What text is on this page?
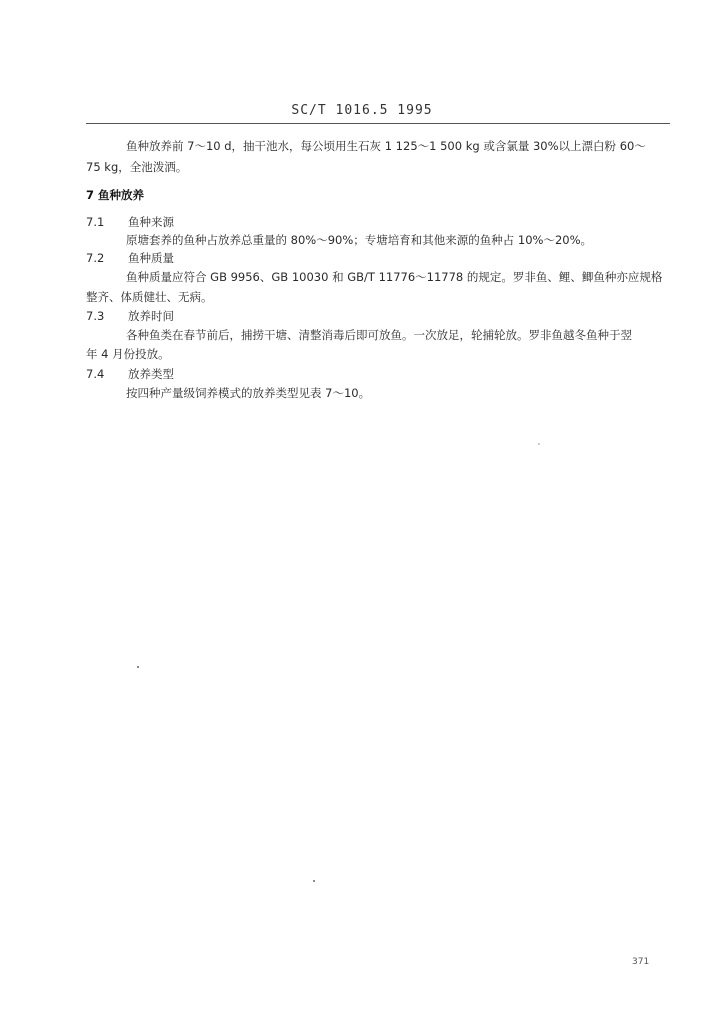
SC/T 1016.5 1995
鱼种放养前 7～10 d，抽干池水，每公顷用生石灰 1 125～1 500 kg 或含氯量 30%以上漂白粉 60～
75 kg，全池泼洒。
7 鱼种放养
7.1 鱼种来源
原塘套养的鱼种占放养总重量的 80%～90%；专塘培育和其他来源的鱼种占 10%～20%。
7.2 鱼种质量
鱼种质量应符合 GB 9956、GB 10030 和 GB/T 11776～11778 的规定。罗非鱼、鲤、鲫鱼种亦应规格
整齐、体质健壮、无病。
7.3 放养时间
各种鱼类在春节前后，捕捞干塘、清整消毒后即可放鱼。一次放足，轮捕轮放。罗非鱼越冬鱼种于翌
年 4 月份投放。
7.4 放养类型
按四种产量级饲养模式的放养类型见表 7～10。
371
